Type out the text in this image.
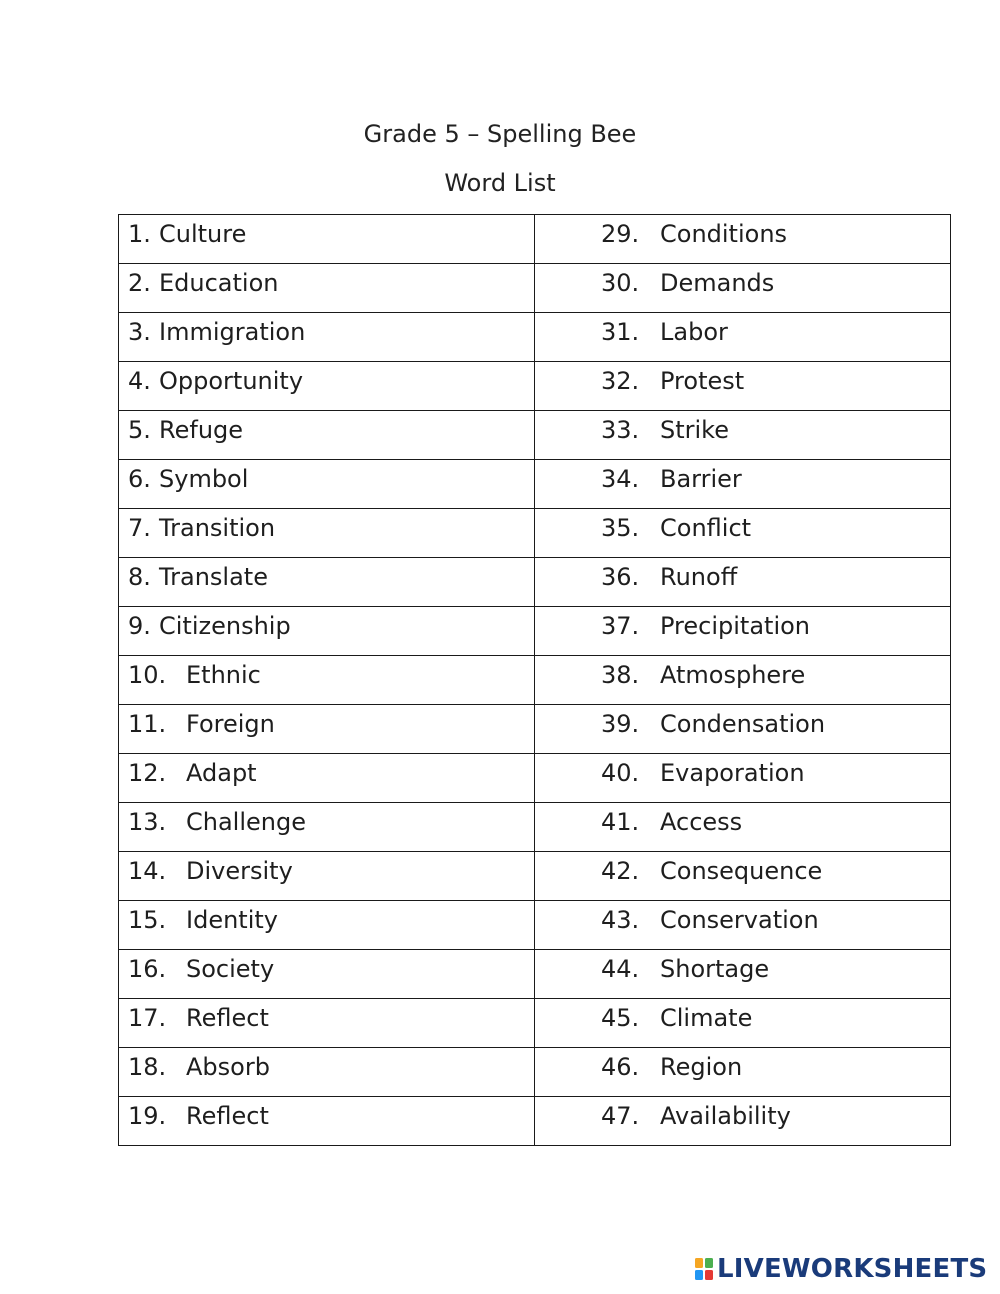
Grade 5 – Spelling Bee
Word List
1. Culture	29. Conditions

2. Education	30. Demands

3. Immigration	31. Labor

4. Opportunity	32. Protest

5. Refuge	33. Strike

6. Symbol	34. Barrier

7. Transition	35. Conflict

8. Translate	36. Runoff

9. Citizenship	37. Precipitation

10. Ethnic	38. Atmosphere

11. Foreign	39. Condensation

12. Adapt	40. Evaporation

13. Challenge	41. Access

14. Diversity	42. Consequence

15. Identity	43. Conservation

16. Society	44. Shortage

17. Reflect	45. Climate

18. Absorb	46. Region

19. Reflect	47. Availability
LIVEWORKSHEETS
